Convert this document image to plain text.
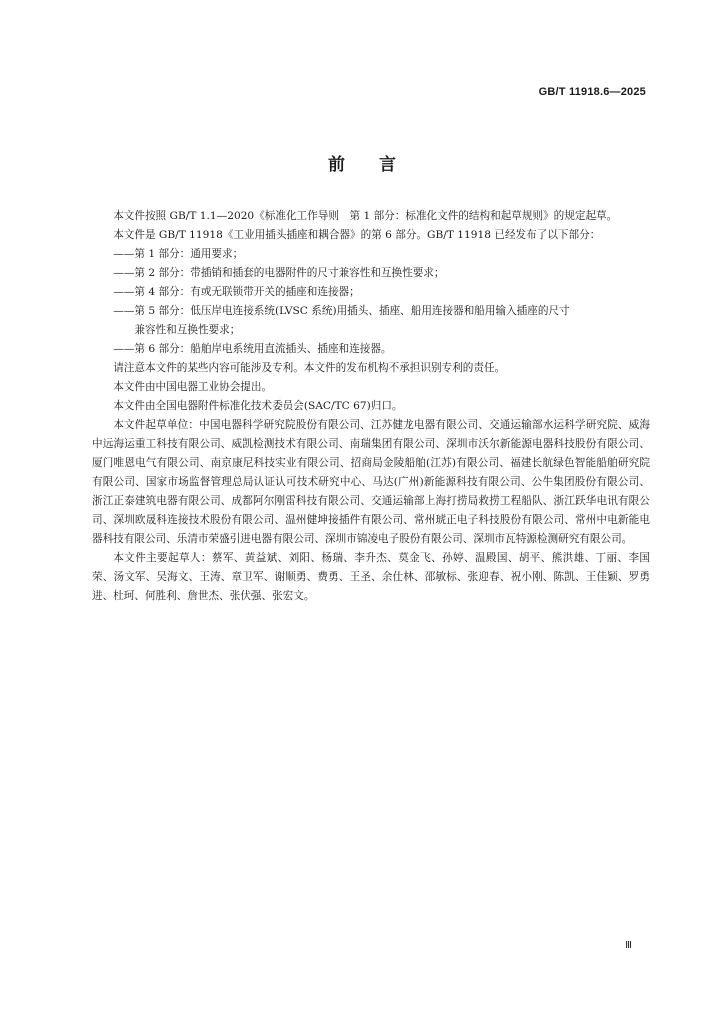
GB/T 11918.6—2025
前言

本文件按照 GB/T 1.1—2020《标准化工作导则　第 1 部分：标准化文件的结构和起草规则》的规定起草。

本文件是 GB/T 11918《工业用插头插座和耦合器》的第 6 部分。GB/T 11918 已经发布了以下部分：

——第 1 部分：通用要求；

——第 2 部分：带插销和插套的电器附件的尺寸兼容性和互换性要求；

——第 4 部分：有或无联锁带开关的插座和连接器；

——第 5 部分：低压岸电连接系统(LVSC 系统)用插头、插座、船用连接器和船用输入插座的尺寸

兼容性和互换性要求；

——第 6 部分：船舶岸电系统用直流插头、插座和连接器。

请注意本文件的某些内容可能涉及专利。本文件的发布机构不承担识别专利的责任。

本文件由中国电器工业协会提出。

本文件由全国电器附件标准化技术委员会(SAC/TC 67)归口。

本文件起草单位：中国电器科学研究院股份有限公司、江苏健龙电器有限公司、交通运输部水运科学研究院、威海中远海运重工科技有限公司、威凯检测技术有限公司、南瑞集团有限公司、深圳市沃尔新能源电器科技股份有限公司、厦门唯恩电气有限公司、南京康尼科技实业有限公司、招商局金陵船舶(江苏)有限公司、福建长航绿色智能船舶研究院有限公司、国家市场监督管理总局认证认可技术研究中心、马达(广州)新能源科技有限公司、公牛集团股份有限公司、浙江正泰建筑电器有限公司、成都阿尔刚雷科技有限公司、交通运输部上海打捞局救捞工程船队、浙江跃华电讯有限公司、深圳欧晟科连接技术股份有限公司、温州健坤接插件有限公司、常州琥正电子科技股份有限公司、常州中电新能电器科技有限公司、乐清市荣盛引进电器有限公司、深圳市锦凌电子股份有限公司、深圳市瓦特源检测研究有限公司。

本文件主要起草人：蔡军、黄益斌、刘阳、杨瑞、李升杰、莫金飞、孙婷、温殿国、胡平、熊洪雄、丁丽、李国荣、汤文军、吴海文、王涛、章卫军、谢顺勇、费勇、王圣、余仕林、邵敏标、张迎春、祝小刚、陈凯、王佳颖、罗勇进、杜珂、何胜利、詹世杰、张伏强、张宏文。

Ⅲ
